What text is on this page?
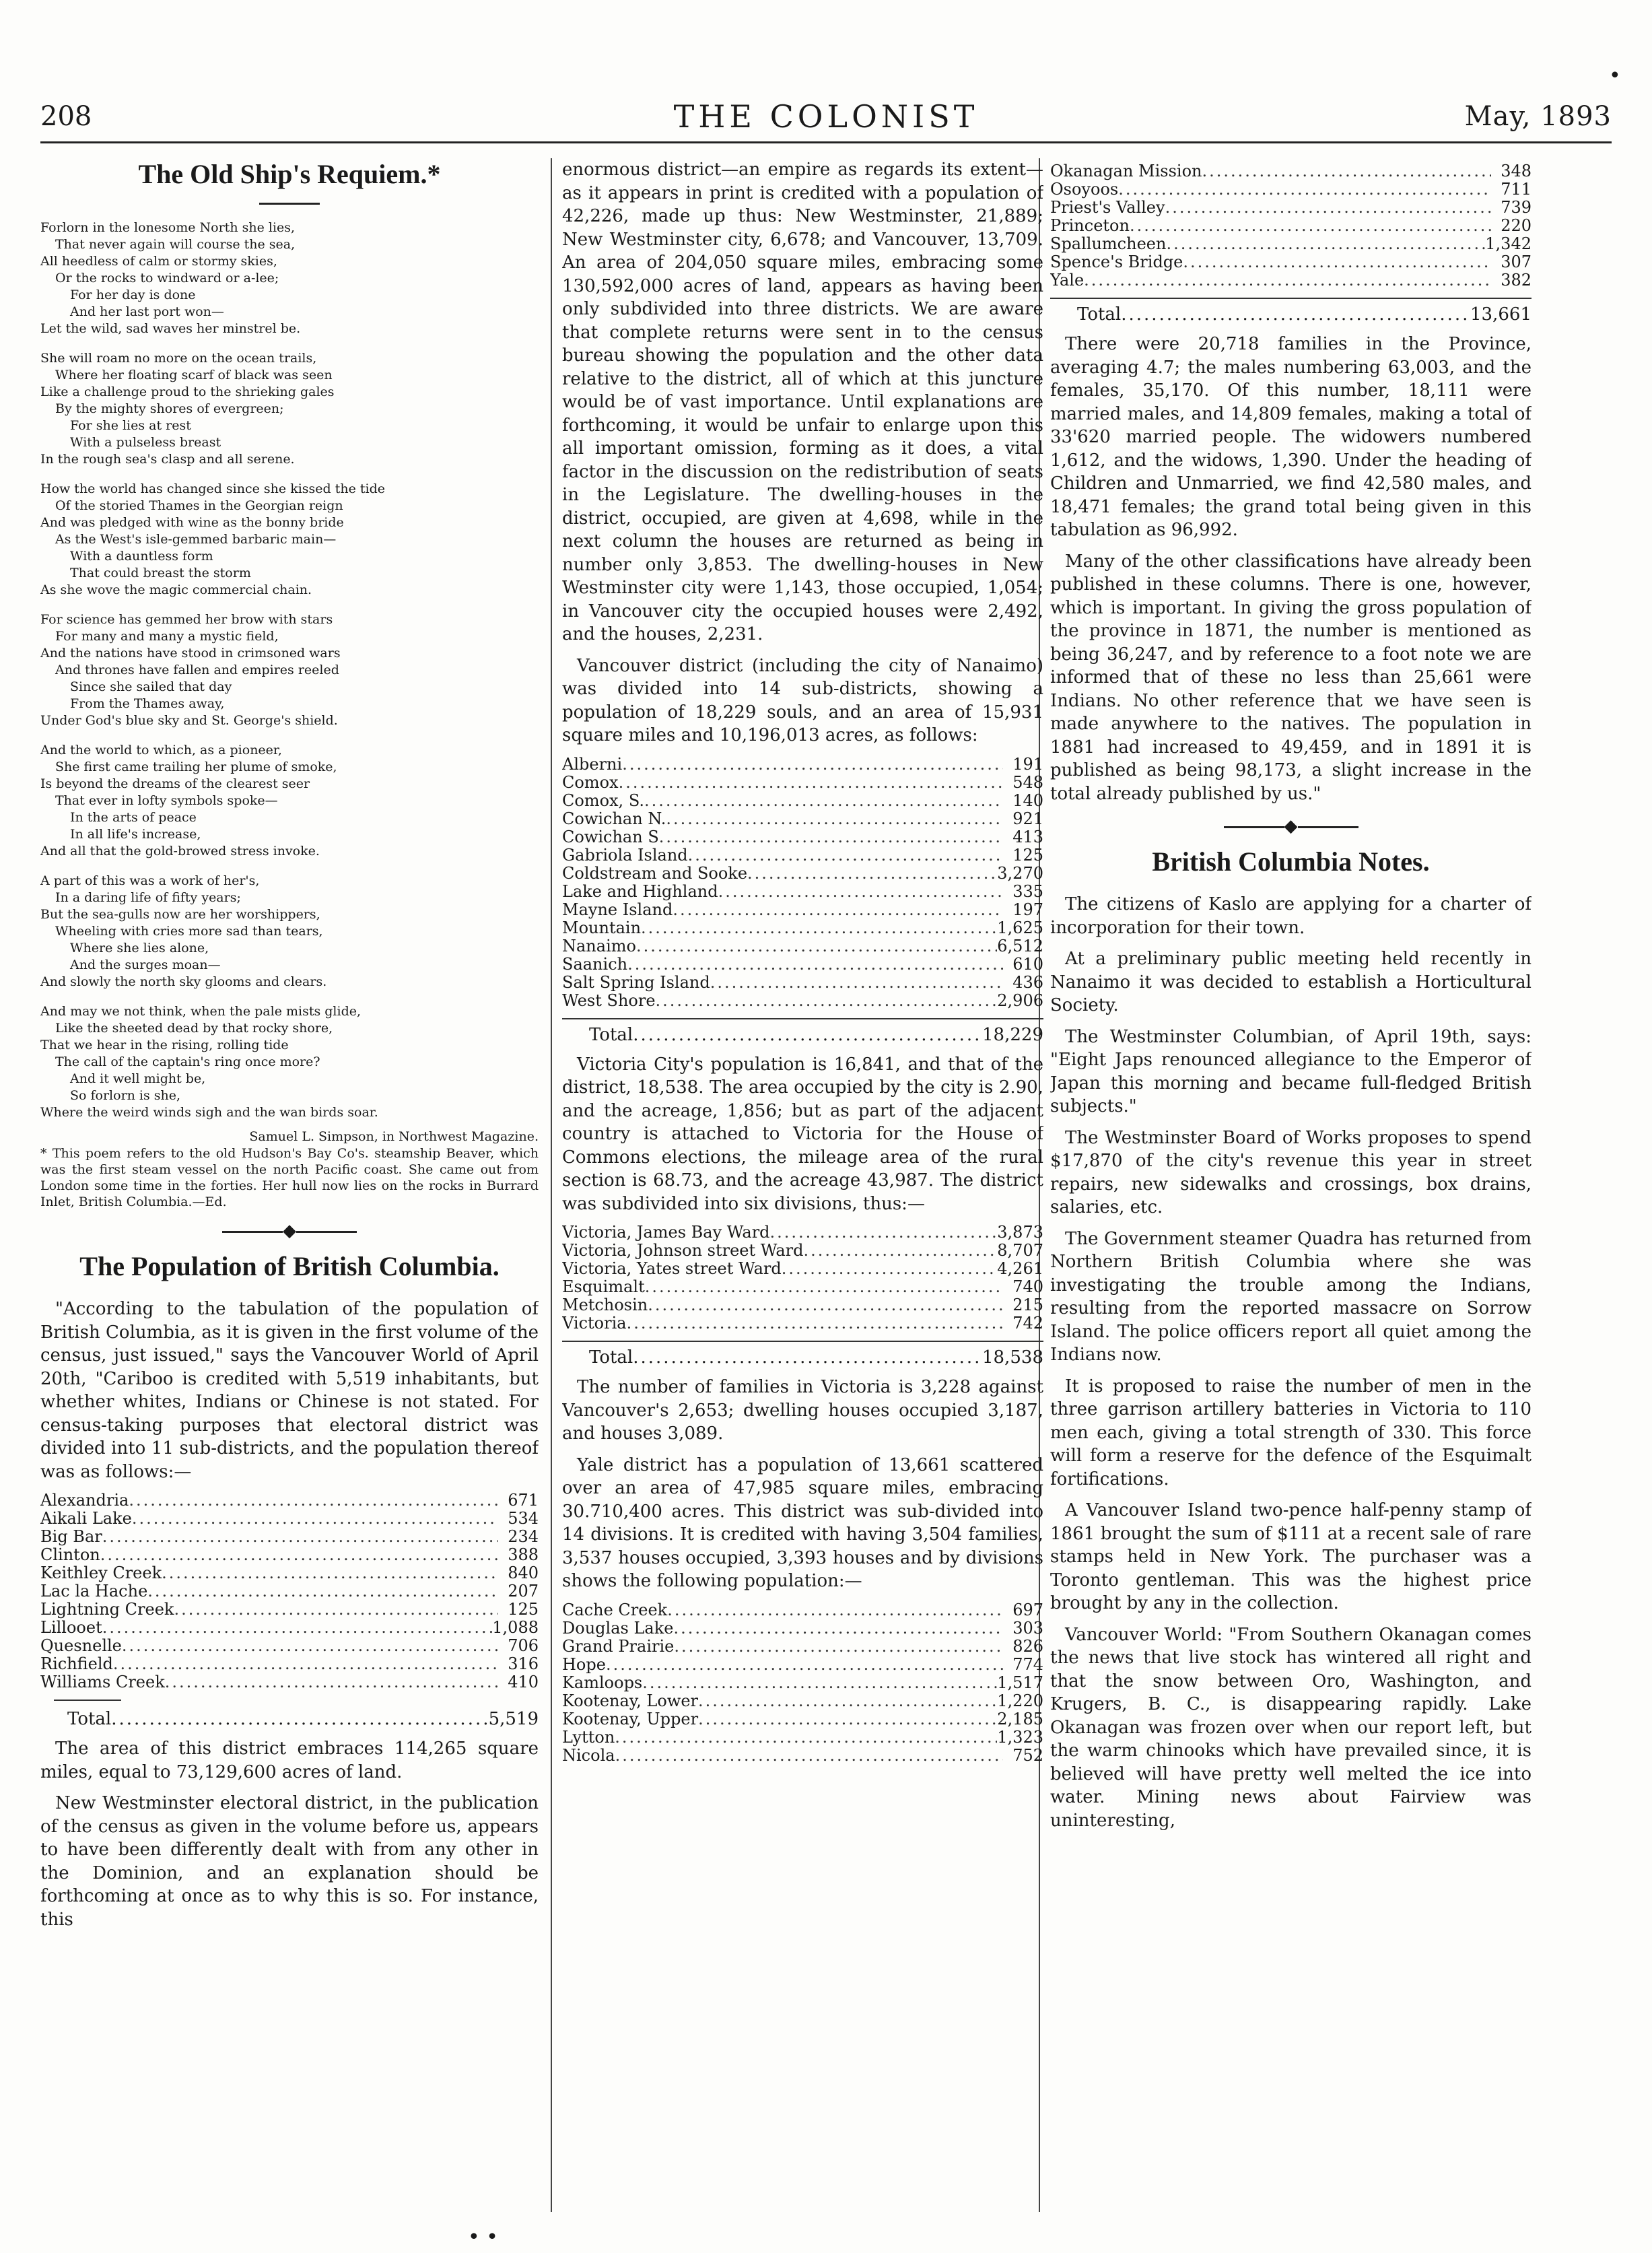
208	THE COLONIST	May, 1893
The Old Ship's Requiem.*
Forlorn in the lonesome North she lies,
That never again will course the sea,
All heedless of calm or stormy skies,
Or the rocks to windward or a-lee;
For her day is done
And her last port won—
Let the wild, sad waves her minstrel be.
She will roam no more on the ocean trails,
Where her floating scarf of black was seen
Like a challenge proud to the shrieking gales
By the mighty shores of evergreen;
For she lies at rest
With a pulseless breast
In the rough sea's clasp and all serene.
How the world has changed since she kissed the tide
Of the storied Thames in the Georgian reign
And was pledged with wine as the bonny bride
As the West's isle-gemmed barbaric main—
With a dauntless form
That could breast the storm
As she wove the magic commercial chain.
For science has gemmed her brow with stars
For many and many a mystic field,
And the nations have stood in crimsoned wars
And thrones have fallen and empires reeled
Since she sailed that day
From the Thames away,
Under God's blue sky and St. George's shield.
And the world to which, as a pioneer,
She first came trailing her plume of smoke,
Is beyond the dreams of the clearest seer
That ever in lofty symbols spoke—
In the arts of peace
In all life's increase,
And all that the gold-browed stress invoke.
A part of this was a work of her's,
In a daring life of fifty years;
But the sea-gulls now are her worshippers,
Wheeling with cries more sad than tears,
Where she lies alone,
And the surges moan—
And slowly the north sky glooms and clears.
And may we not think, when the pale mists glide,
Like the sheeted dead by that rocky shore,
That we hear in the rising, rolling tide
The call of the captain's ring once more?
And it well might be,
So forlorn is she,
Where the weird winds sigh and the wan birds soar.
Samuel L. Simpson, in Northwest Magazine.
* This poem refers to the old Hudson's Bay Co's. steamship Beaver, which was the first steam vessel on the north Pacific coast. She came out from London some time in the forties. Her hull now lies on the rocks in Burrard Inlet, British Columbia.—Ed.
◆
The Population of British Columbia.

"According to the tabulation of the population of British Columbia, as it is given in the first volume of the census, just issued," says the Vancouver World of April 20th, "Cariboo is credited with 5,519 inhabitants, but whether whites, Indians or Chinese is not stated. For census-taking purposes that electoral district was divided into 11 sub-districts, and the population thereof was as follows:—

Alexandria .....	671
Aikali Lake .....	534
Big Bar .....	234
Clinton .....	388
Keithley Creek .....	840
Lac la Hache .....	207
Lightning Creek .....	125
Lillooet .....	1,088
Quesnelle .....	706
Richfield .....	316
Williams Creek .....	410
Total .....	5,519

The area of this district embraces 114,265 square miles, equal to 73,129,600 acres of land.

New Westminster electoral district, in the publication of the census as given in the volume before us, appears to have been differently dealt with from any other in the Dominion, and an explanation should be forthcoming at once as to why this is so. For instance, this

enormous district—an empire as regards its extent—as it appears in print is credited with a population of 42,226, made up thus: New Westminster, 21,889; New Westminster city, 6,678; and Vancouver, 13,709. An area of 204,050 square miles, embracing some 130,592,000 acres of land, appears as having been only subdivided into three districts. We are aware that complete returns were sent in to the census bureau showing the population and the other data relative to the district, all of which at this juncture would be of vast importance. Until explanations are forthcoming, it would be unfair to enlarge upon this all important omission, forming as it does, a vital factor in the discussion on the redistribution of seats in the Legislature. The dwelling-houses in the district, occupied, are given at 4,698, while in the next column the houses are returned as being in number only 3,853. The dwelling-houses in New Westminster city were 1,143, those occupied, 1,054; in Vancouver city the occupied houses were 2,492, and the houses, 2,231.

Vancouver district (including the city of Nanaimo) was divided into 14 sub-districts, showing a population of 18,229 souls, and an area of 15,931 square miles and 10,196,013 acres, as follows:

Alberni .....	191
Comox .....	548
Comox, S. .....	140
Cowichan N. .....	921
Cowichan S .....	413
Gabriola Island .....	125
Coldstream and Sooke .....	3,270
Lake and Highland .....	335
Mayne Island .....	197
Mountain .....	1,625
Nanaimo .....	6,512
Saanich .....	610
Salt Spring Island .....	436
West Shore .....	2,906
Total .....	18,229

Victoria City's population is 16,841, and that of the district, 18,538. The area occupied by the city is 2.90, and the acreage, 1,856; but as part of the adjacent country is attached to Victoria for the House of Commons elections, the mileage area of the rural section is 68.73, and the acreage 43,987. The district was subdivided into six divisions, thus:—

Victoria, James Bay Ward .....	3,873
Victoria, Johnson street Ward .....	8,707
Victoria, Yates street Ward .....	4,261
Esquimalt .....	740
Metchosin .....	215
Victoria .....	742
Total .....	18,538

The number of families in Victoria is 3,228 against Vancouver's 2,653; dwelling houses occupied 3,187, and houses 3,089.

Yale district has a population of 13,661 scattered over an area of 47,985 square miles, embracing 30.710,400 acres. This district was sub-divided into 14 divisions. It is credited with having 3,504 families, 3,537 houses occupied, 3,393 houses and by divisions shows the following population:—

Cache Creek .....	697
Douglas Lake .....	303
Grand Prairie .....	826
Hope .....	774
Kamloops .....	1,517
Kootenay, Lower .....	1,220
Kootenay, Upper .....	2,185
Lytton .....	1,323
Nicola .....	752
Okanagan Mission .....	348
Osoyoos .....	711
Priest's Valley .....	739
Princeton .....	220
Spallumcheen .....	1,342
Spence's Bridge .....	307
Yale .....	382
Total .....	13,661

There were 20,718 families in the Province, averaging 4.7; the males numbering 63,003, and the females, 35,170. Of this number, 18,111 were married males, and 14,809 females, making a total of 33'620 married people. The widowers numbered 1,612, and the widows, 1,390. Under the heading of Children and Unmarried, we find 42,580 males, and 18,471 females; the grand total being given in this tabulation as 96,992.

Many of the other classifications have already been published in these columns. There is one, however, which is important. In giving the gross population of the province in 1871, the number is mentioned as being 36,247, and by reference to a foot note we are informed that of these no less than 25,661 were Indians. No other reference that we have seen is made anywhere to the natives. The population in 1881 had increased to 49,459, and in 1891 it is published as being 98,173, a slight increase in the total already published by us."

◆
British Columbia Notes.

The citizens of Kaslo are applying for a charter of incorporation for their town.

At a preliminary public meeting held recently in Nanaimo it was decided to establish a Horticultural Society.

The Westminster Columbian, of April 19th, says: "Eight Japs renounced allegiance to the Emperor of Japan this morning and became full-fledged British subjects."

The Westminster Board of Works proposes to spend $17,870 of the city's revenue this year in street repairs, new sidewalks and crossings, box drains, salaries, etc.

The Government steamer Quadra has returned from Northern British Columbia where she was investigating the trouble among the Indians, resulting from the reported massacre on Sorrow Island. The police officers report all quiet among the Indians now.

It is proposed to raise the number of men in the three garrison artillery batteries in Victoria to 110 men each, giving a total strength of 330. This force will form a reserve for the defence of the Esquimalt fortifications.

A Vancouver Island two-pence half-penny stamp of 1861 brought the sum of $111 at a recent sale of rare stamps held in New York. The purchaser was a Toronto gentleman. This was the highest price brought by any in the collection.

Vancouver World: "From Southern Okanagan comes the news that live stock has wintered all right and that the snow between Oro, Washington, and Krugers, B. C., is disappearing rapidly. Lake Okanagan was frozen over when our report left, but the warm chinooks which have prevailed since, it is believed will have pretty well melted the ice into water. Mining news about Fairview was uninteresting,

•
• •
